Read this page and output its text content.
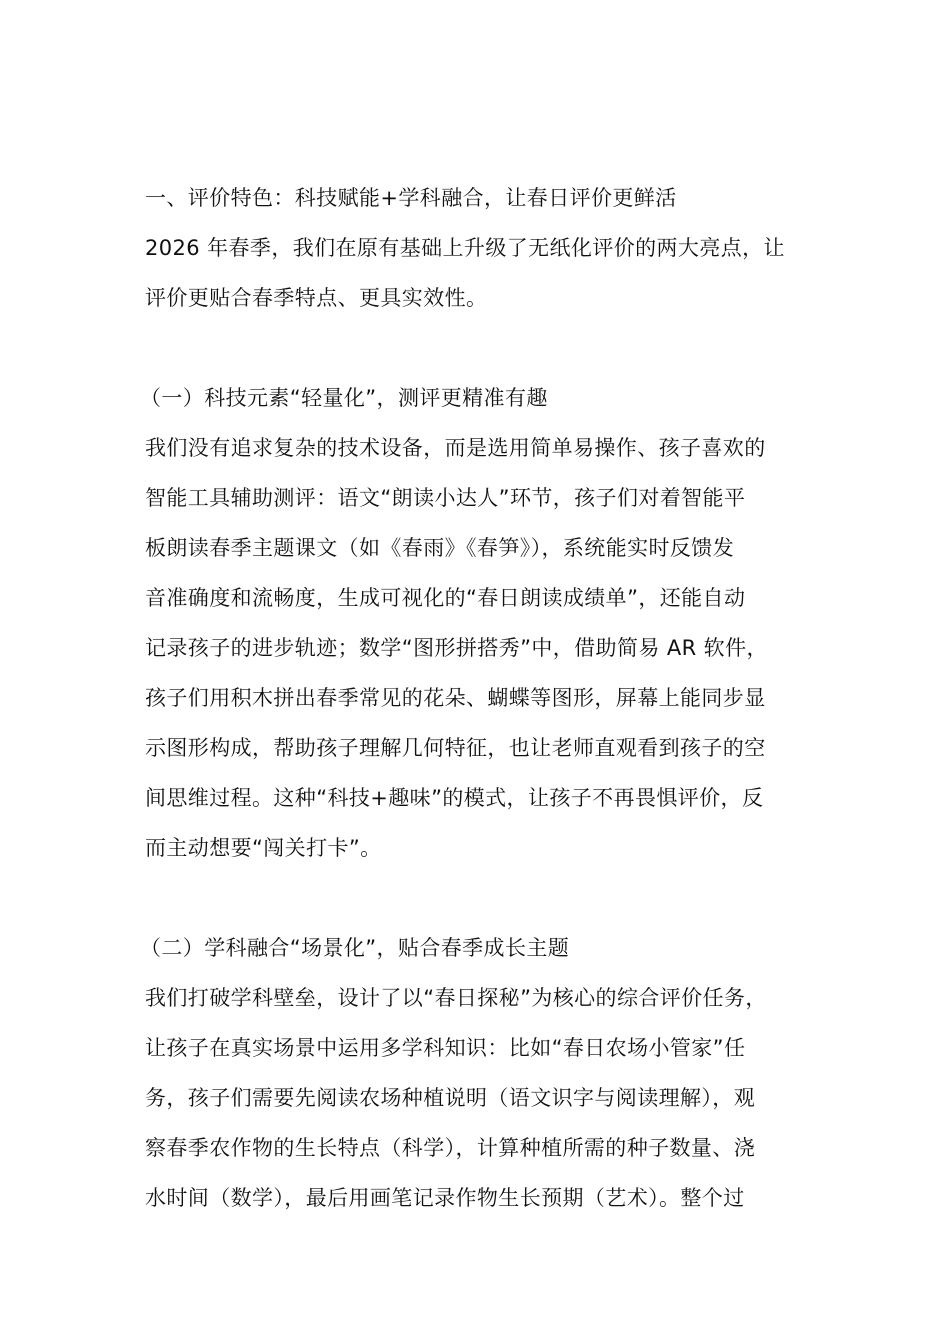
一、评价特色：科技赋能+学科融合，让春日评价更鲜活
2026 年春季，我们在原有基础上升级了无纸化评价的两大亮点，让
评价更贴合春季特点、更具实效性。
（一）科技元素“轻量化”，测评更精准有趣
我们没有追求复杂的技术设备，而是选用简单易操作、孩子喜欢的
智能工具辅助测评：语文“朗读小达人”环节，孩子们对着智能平
板朗读春季主题课文（如《春雨》《春笋》），系统能实时反馈发
音准确度和流畅度，生成可视化的“春日朗读成绩单”，还能自动
记录孩子的进步轨迹；数学“图形拼搭秀”中，借助简易 AR 软件，
孩子们用积木拼出春季常见的花朵、蝴蝶等图形，屏幕上能同步显
示图形构成，帮助孩子理解几何特征，也让老师直观看到孩子的空
间思维过程。这种“科技+趣味”的模式，让孩子不再畏惧评价，反
而主动想要“闯关打卡”。
（二）学科融合“场景化”，贴合春季成长主题
我们打破学科壁垒，设计了以“春日探秘”为核心的综合评价任务，
让孩子在真实场景中运用多学科知识：比如“春日农场小管家”任
务，孩子们需要先阅读农场种植说明（语文识字与阅读理解），观
察春季农作物的生长特点（科学），计算种植所需的种子数量、浇
水时间（数学），最后用画笔记录作物生长预期（艺术）。整个过
